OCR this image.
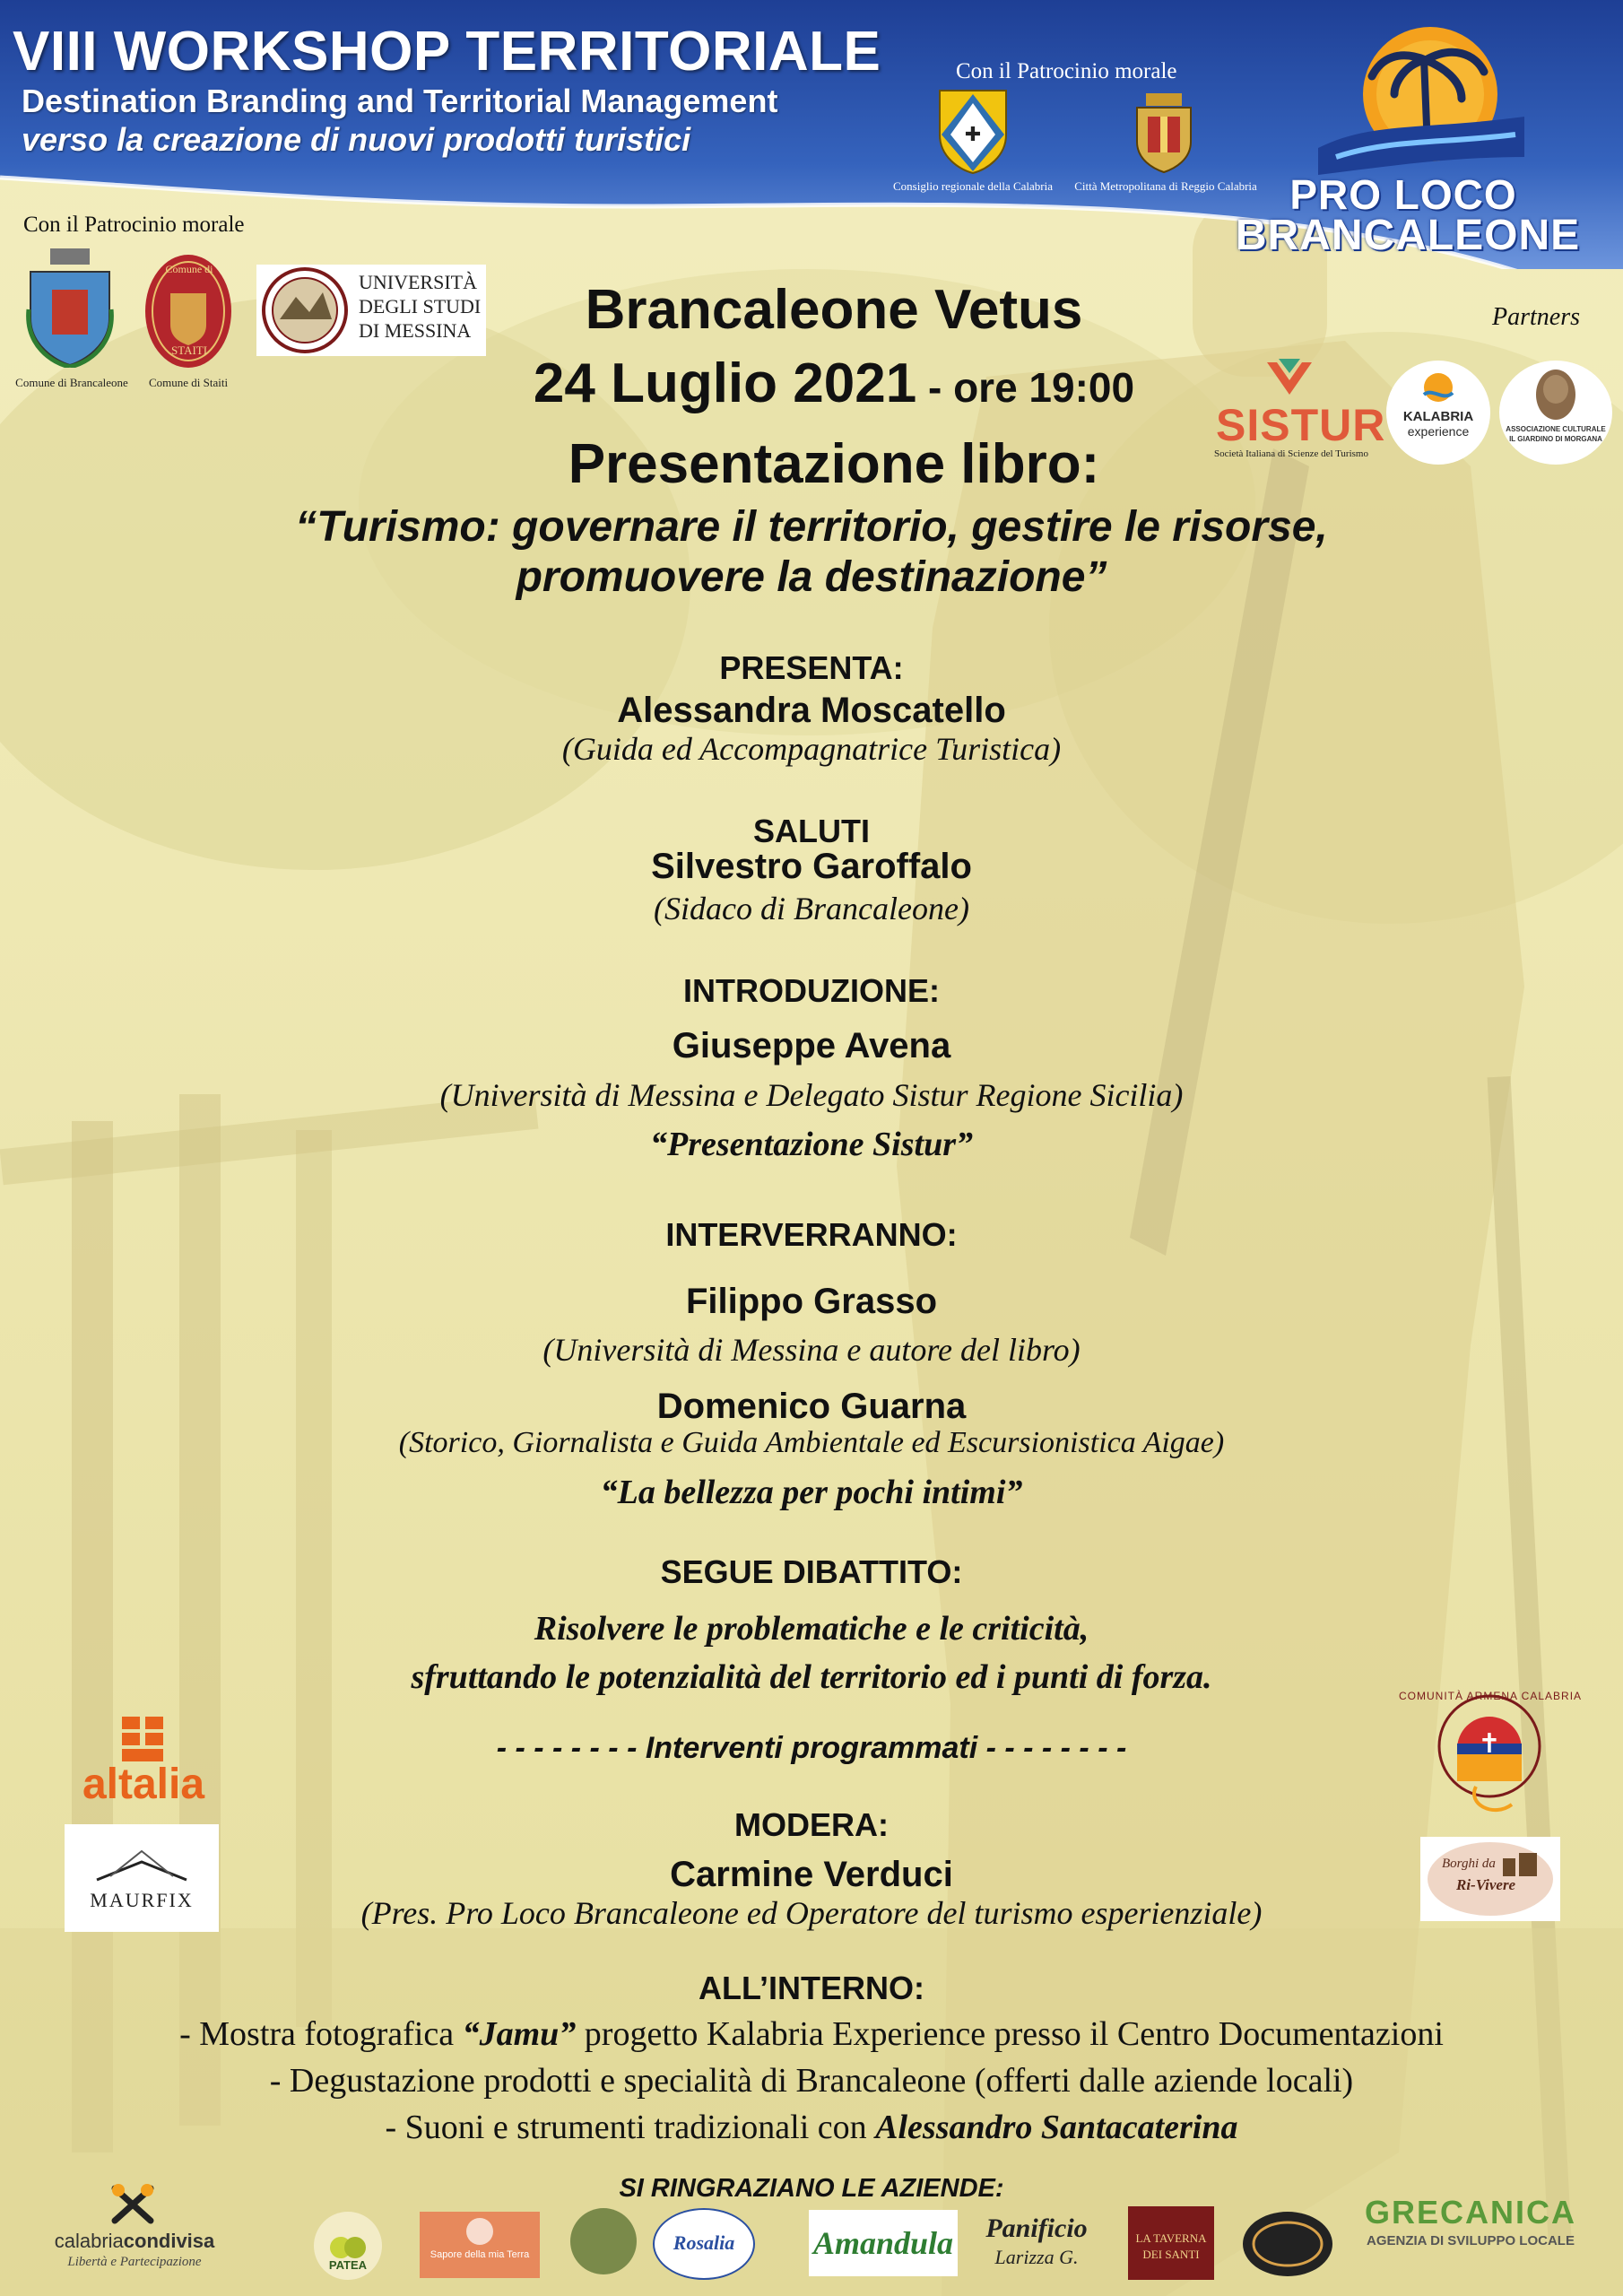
VIII WORKSHOP TERRITORIALE
Destination Branding and Territorial Management
verso la creazione di nuovi prodotti turistici
Con il Patrocinio morale
✚
Consiglio regionale della Calabria	Città Metropolitana di Reggio Calabria PRO LOCO
BRANCALEONE
Con il Patrocinio morale
Comune di Brancaleone
Comune di
STAITI
Comune di Staiti
UNIVERSITÀ
DEGLI STUDI
DI MESSINA	Partners
SISTUR
Società Italiana di Scienze del Turismo
KALABRIA
experience	ASSOCIAZIONE CULTURALE
IL GIARDINO DI MORGANA
Brancaleone Vetus
24 Luglio 2021 - ore 19:00
Presentazione libro:
“Turismo: governare il territorio, gestire le risorse,
promuovere la destinazione”
PRESENTA:
Alessandra Moscatello
(Guida ed Accompagnatrice Turistica)
SALUTI
Silvestro Garoffalo
(Sidaco di Brancaleone)
INTRODUZIONE:
Giuseppe Avena
(Università di Messina e Delegato Sistur Regione Sicilia)
“Presentazione Sistur”
INTERVERRANNO:
Filippo Grasso
(Università di Messina e autore del libro)
Domenico Guarna
(Storico, Giornalista e Guida Ambientale ed Escursionistica Aigae)
“La bellezza per pochi intimi”
SEGUE DIBATTITO:
Risolvere le problematiche e le criticità,
sfruttando le potenzialità del territorio ed i punti di forza.
- - - - - - - - Interventi programmati - - - - - - - -
MODERA:
Carmine Verduci
(Pres. Pro Loco Brancaleone ed Operatore del turismo esperienziale)
ALL’INTERNO:
- Mostra fotografica “Jamu” progetto Kalabria Experience presso il Centro Documentazioni
- Degustazione prodotti e specialità di Brancaleone (offerti dalle aziende locali)
- Suoni e strumenti tradizionali con Alessandro Santacaterina
altalia
MAURFIX
✝
COMUNITÀ ARMENA CALABRIA
Borghi da
Ri-Vivere
SI RINGRAZIANO LE AZIENDE:
calabriacondivisa
Libertà e Partecipazione	PATEA
Sapore della mia Terra
Rosalia	Amandula	Panificio
Larizza G.
LA TAVERNA
DEI SANTI
GRECANICA
AGENZIA DI SVILUPPO LOCALE
